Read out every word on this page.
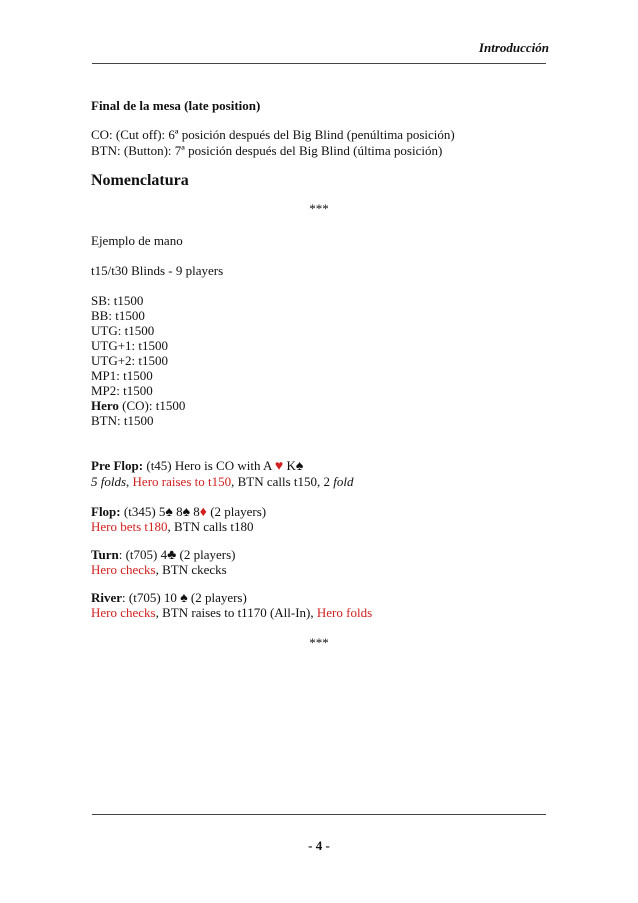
Introducción
Final de la mesa (late position)
CO: (Cut off): 6ª posición después del Big Blind (penúltima posición)
BTN: (Button): 7ª posición después del Big Blind (última posición)
Nomenclatura
***
Ejemplo de mano
t15/t30 Blinds - 9 players
SB: t1500
BB: t1500
UTG: t1500
UTG+1: t1500
UTG+2: t1500
MP1: t1500
MP2: t1500
Hero (CO): t1500
BTN: t1500
Pre Flop: (t45) Hero is CO with A ♥ K♠
5 folds, Hero raises to t150, BTN calls t150, 2 fold
Flop: (t345) 5♠ 8♠ 8♦ (2 players)
Hero bets t180, BTN calls t180
Turn: (t705) 4♣ (2 players)
Hero checks, BTN ckecks
River: (t705) 10 ♠ (2 players)
Hero checks, BTN raises to t1170 (All-In), Hero folds
***
- 4 -
